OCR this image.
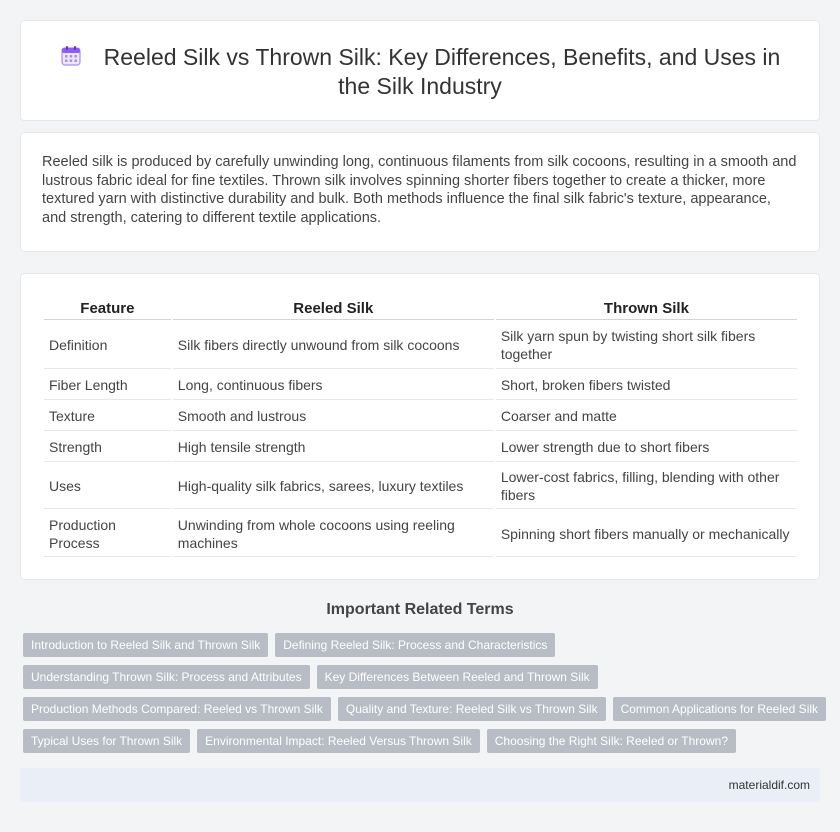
Reeled Silk vs Thrown Silk: Key Differences, Benefits, and Uses in the Silk Industry

Reeled silk is produced by carefully unwinding long, continuous filaments from silk cocoons, resulting in a smooth and lustrous fabric ideal for fine textiles. Thrown silk involves spinning shorter fibers together to create a thicker, more textured yarn with distinctive durability and bulk. Both methods influence the final silk fabric's texture, appearance, and strength, catering to different textile applications.

Feature	Reeled Silk	Thrown Silk
Definition	Silk fibers directly unwound from silk cocoons	Silk yarn spun by twisting short silk fibers together
Fiber Length	Long, continuous fibers	Short, broken fibers twisted
Texture	Smooth and lustrous	Coarser and matte
Strength	High tensile strength	Lower strength due to short fibers
Uses	High-quality silk fabrics, sarees, luxury textiles	Lower-cost fabrics, filling, blending with other fibers
Production Process	Unwinding from whole cocoons using reeling machines	Spinning short fibers manually or mechanically
Important Related Terms
Introduction to Reeled Silk and Thrown Silk	Defining Reeled Silk: Process and Characteristics
Understanding Thrown Silk: Process and Attributes	Key Differences Between Reeled and Thrown Silk
Production Methods Compared: Reeled vs Thrown Silk	Quality and Texture: Reeled Silk vs Thrown Silk	Common Applications for Reeled Silk
Typical Uses for Thrown Silk	Environmental Impact: Reeled Versus Thrown Silk	Choosing the Right Silk: Reeled or Thrown?
materialdif.com
